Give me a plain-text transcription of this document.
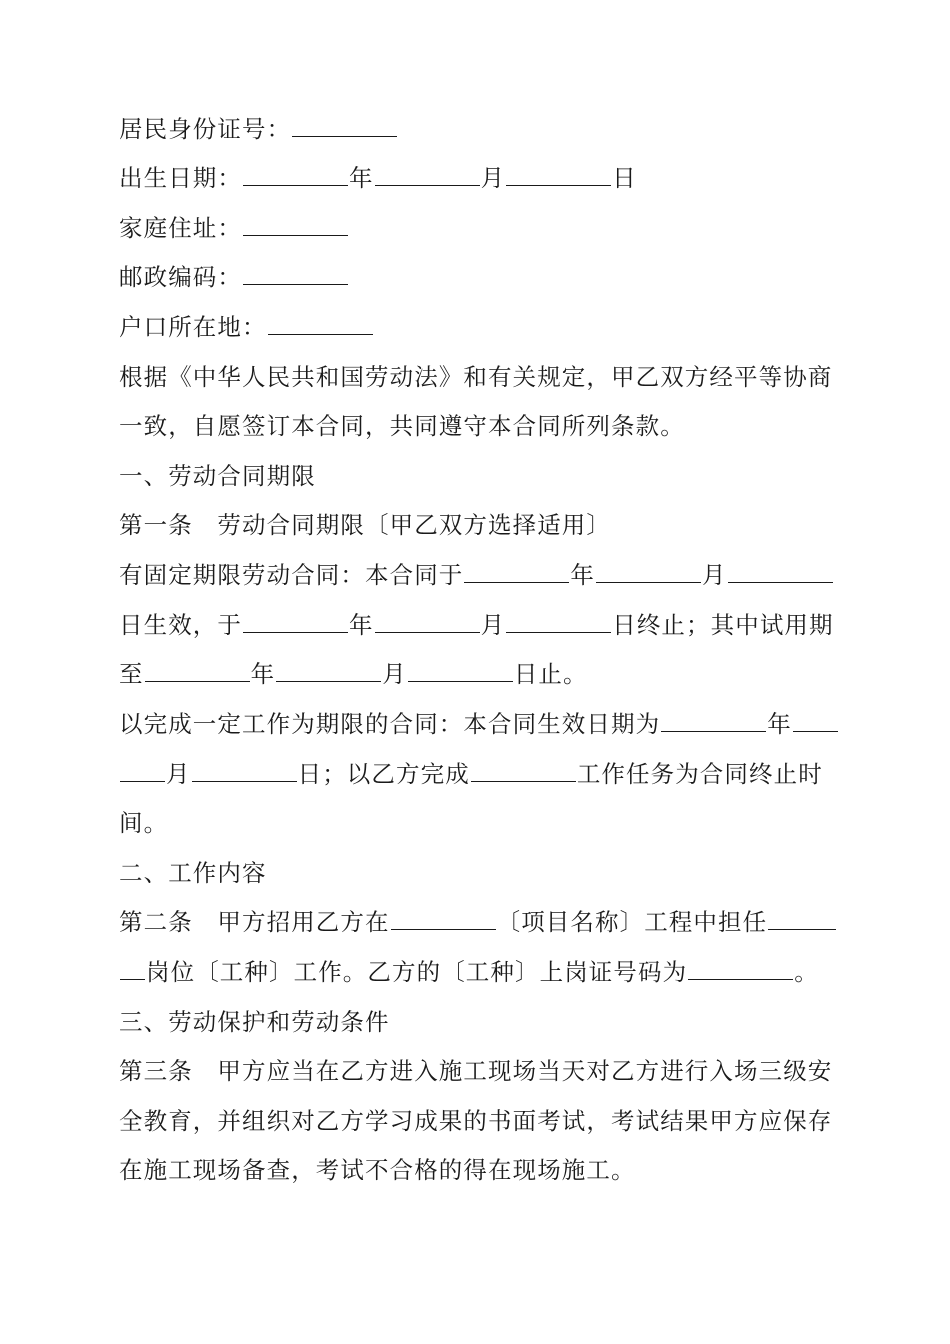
居民身份证号：
出生日期：	年	月	日
家庭住址：
邮政编码：
户口所在地：
根据《中华人民共和国劳动法》和有关规定，甲乙双方经平等协商
一致，自愿签订本合同，共同遵守本合同所列条款。
一、劳动合同期限
第一条　劳动合同期限〔甲乙双方选择适用〕
有固定期限劳动合同：本合同于	年	月
日生效，于	年	月	日终止；其中试用期
至	年	月	日止。
以完成一定工作为期限的合同：本合同生效日期为	年
月	日；以乙方完成	工作任务为合同终止时
间。
二、工作内容
第二条　甲方招用乙方在	〔项目名称〕工程中担任
岗位〔工种〕工作。乙方的〔工种〕上岗证号码为	。
三、劳动保护和劳动条件
第三条　甲方应当在乙方进入施工现场当天对乙方进行入场三级安
全教育，并组织对乙方学习成果的书面考试，考试结果甲方应保存
在施工现场备查，考试不合格的得在现场施工。
